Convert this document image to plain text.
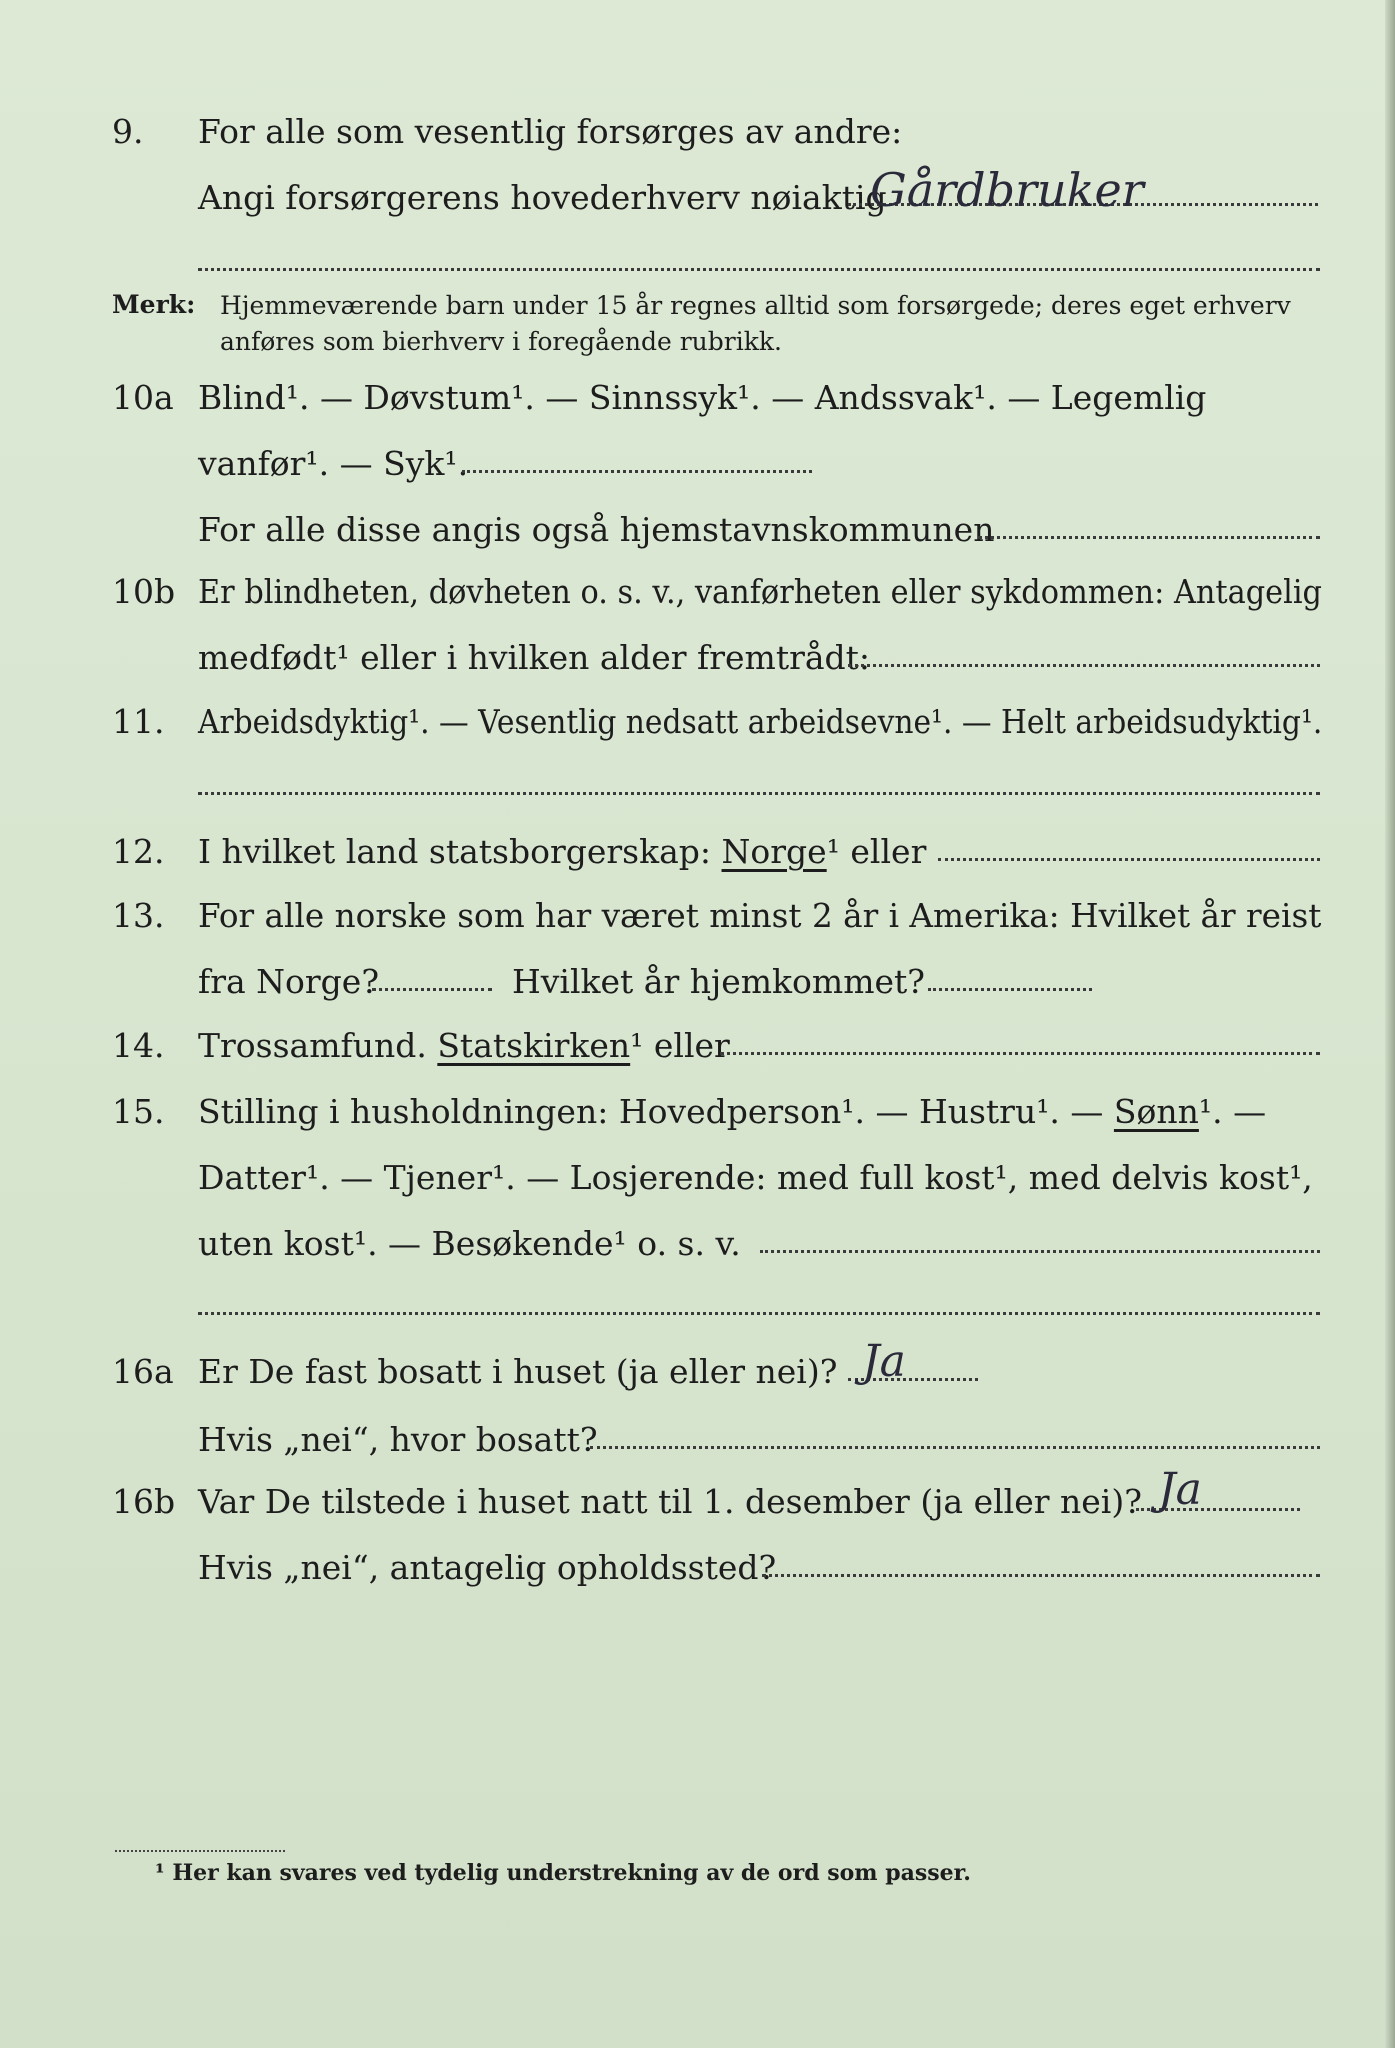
9. For alle som vesentlig forsørges av andre:
Angi forsørgerens hovederhverv nøiaktig
Gårdbruker
Merk: Hjemmeværende barn under 15 år regnes alltid som forsørgede; deres eget erhverv
anføres som bierhverv i foregående rubrikk.
10a Blind¹. — Døvstum¹. — Sinnssyk¹. — Andssvak¹. — Legemlig
vanfør¹. — Syk¹.
For alle disse angis også hjemstavnskommunen
10b Er blindheten, døvheten o. s. v., vanførheten eller sykdommen: Antagelig
medfødt¹ eller i hvilken alder fremtrådt:
11. Arbeidsdyktig¹. — Vesentlig nedsatt arbeidsevne¹. — Helt arbeidsudyktig¹.
12. I hvilket land statsborgerskap: Norge¹ eller
13. For alle norske som har været minst 2 år i Amerika: Hvilket år reist
fra Norge?	Hvilket år hjemkommet?
14. Trossamfund. Statskirken¹ eller
15. Stilling i husholdningen: Hovedperson¹. — Hustru¹. — Sønn¹. —
Datter¹. — Tjener¹. — Losjerende: med full kost¹, med delvis kost¹,
uten kost¹. — Besøkende¹ o. s. v.
16a Er De fast bosatt i huset (ja eller nei)? Ja
Hvis „nei“, hvor bosatt?
16b Var De tilstede i huset natt til 1. desember (ja eller nei)? Ja
Hvis „nei“, antagelig opholdssted?
¹ Her kan svares ved tydelig understrekning av de ord som passer.
